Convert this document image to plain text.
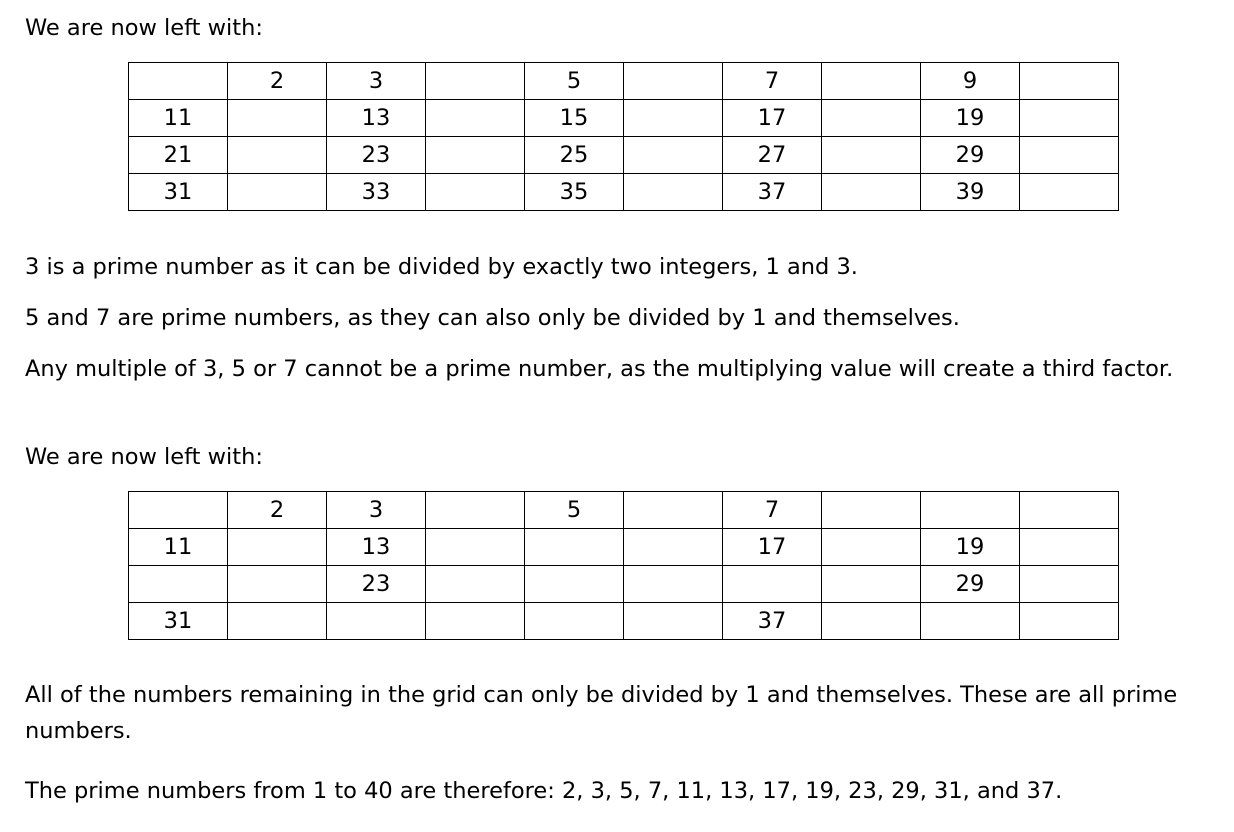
We are now left with:

	2	3		5		7		9	
11		13		15		17		19	
21		23		25		27		29	
31		33		35		37		39	

3 is a prime number as it can be divided by exactly two integers, 1 and 3.

5 and 7 are prime numbers, as they can also only be divided by 1 and themselves.

Any multiple of 3, 5 or 7 cannot be a prime number, as the multiplying value will create a third factor.

We are now left with:

	2	3		5		7			
11		13				17		19	
		23						29	
31						37			

All of the numbers remaining in the grid can only be divided by 1 and themselves. These are all prime numbers.

The prime numbers from 1 to 40 are therefore: 2, 3, 5, 7, 11, 13, 17, 19, 23, 29, 31, and 37.
